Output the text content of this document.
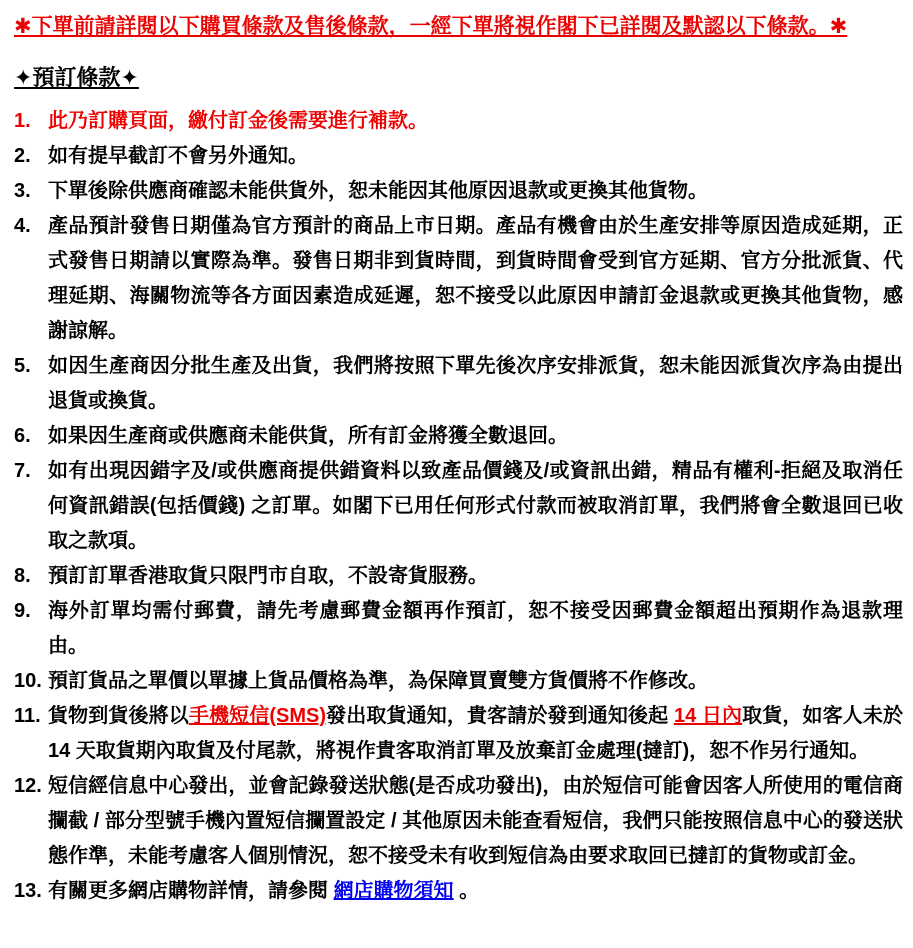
✱下單前請詳閱以下購買條款及售後條款，一經下單將視作閣下已詳閱及默認以下條款。✱
✦預訂條款✦
1. 此乃訂購頁面，繳付訂金後需要進行補款。
2. 如有提早截訂不會另外通知。
3. 下單後除供應商確認未能供貨外，恕未能因其他原因退款或更換其他貨物。
4. 產品預計發售日期僅為官方預計的商品上市日期。產品有機會由於生產安排等原因造成延期，正式發售日期請以實際為準。發售日期非到貨時間，到貨時間會受到官方延期、官方分批派貨、代理延期、海關物流等各方面因素造成延遲，恕不接受以此原因申請訂金退款或更換其他貨物，感謝諒解。
5. 如因生產商因分批生產及出貨，我們將按照下單先後次序安排派貨，恕未能因派貨次序為由提出退貨或換貨。
6. 如果因生產商或供應商未能供貨，所有訂金將獲全數退回。
7. 如有出現因錯字及/或供應商提供錯資料以致產品價錢及/或資訊出錯，精品有權利-拒絕及取消任何資訊錯誤(包括價錢) 之訂單。如閣下已用任何形式付款而被取消訂單，我們將會全數退回已收取之款項。
8. 預訂訂單香港取貨只限門市自取，不設寄貨服務。
9. 海外訂單均需付郵費，請先考慮郵費金額再作預訂，恕不接受因郵費金額超出預期作為退款理由。
10. 預訂貨品之單價以單據上貨品價格為準，為保障買賣雙方貨價將不作修改。
11. 貨物到貨後將以手機短信(SMS)發出取貨通知，貴客請於發到通知後起 14 日內取貨，如客人未於 14 天取貨期內取貨及付尾款，將視作貴客取消訂單及放棄訂金處理(撻訂)，恕不作另行通知。
12. 短信經信息中心發出，並會記錄發送狀態(是否成功發出)，由於短信可能會因客人所使用的電信商攔截 / 部分型號手機內置短信攔置設定 / 其他原因未能查看短信，我們只能按照信息中心的發送狀態作準，未能考慮客人個別情況，恕不接受未有收到短信為由要求取回已撻訂的貨物或訂金。
13. 有關更多網店購物詳情，請參閱 網店購物須知 。
